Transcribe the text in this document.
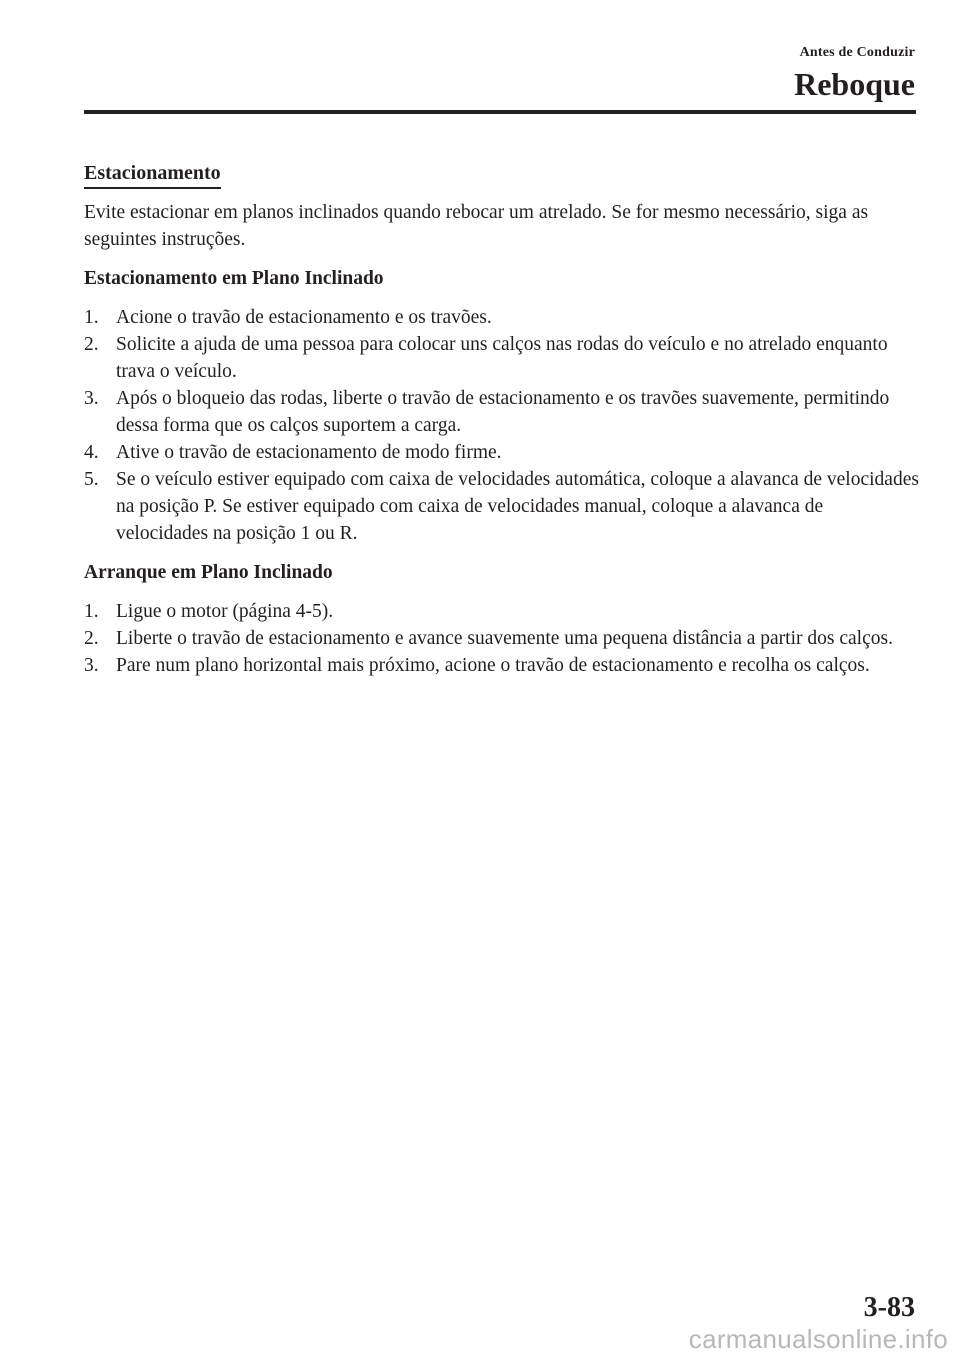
Antes de Conduzir
Reboque
Estacionamento

Evite estacionar em planos inclinados quando rebocar um atrelado. Se for mesmo necessário, siga as seguintes instruções.

Estacionamento em Plano Inclinado
1. Acione o travão de estacionamento e os travões.
2. Solicite a ajuda de uma pessoa para colocar uns calços nas rodas do veículo e no atrelado enquanto trava o veículo.
3. Após o bloqueio das rodas, liberte o travão de estacionamento e os travões suavemente, permitindo dessa forma que os calços suportem a carga.
4. Ative o travão de estacionamento de modo firme.
5. Se o veículo estiver equipado com caixa de velocidades automática, coloque a alavanca de velocidades na posição P. Se estiver equipado com caixa de velocidades manual, coloque a alavanca de velocidades na posição 1 ou R.
Arranque em Plano Inclinado
1. Ligue o motor (página 4-5).
2. Liberte o travão de estacionamento e avance suavemente uma pequena distância a partir dos calços.
3. Pare num plano horizontal mais próximo, acione o travão de estacionamento e recolha os calços.
3-83
carmanualsonline.info
